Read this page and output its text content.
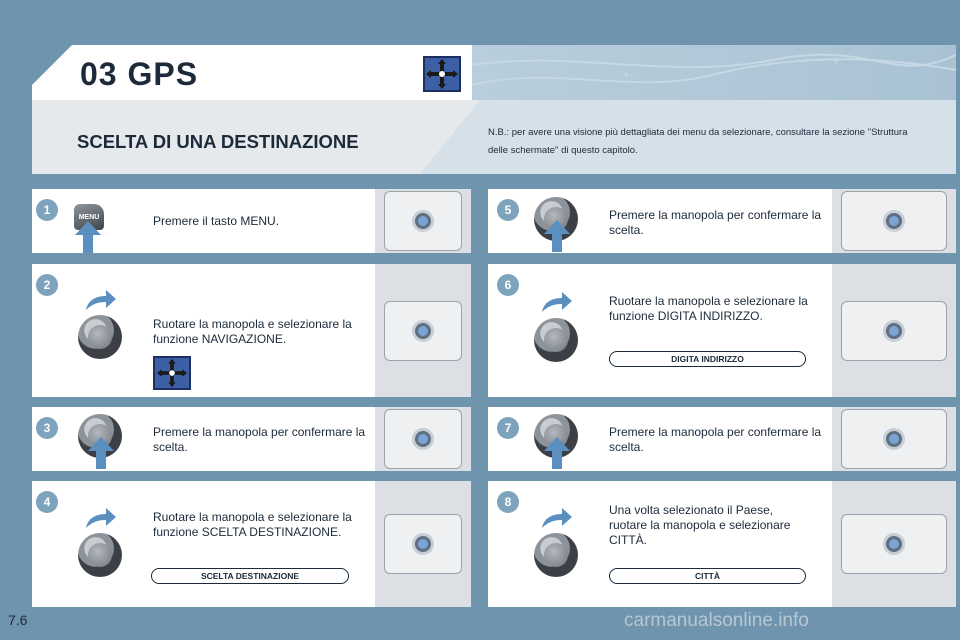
03 GPS	+
+
SCELTA DI UNA DESTINAZIONE	N.B.: per avere una visione più dettagliata dei menu da selezionare, consultare la sezione "Struttura delle schermate" di questo capitolo.
1	MENU	Premere il tasto MENU.
2
Ruotare la manopola e selezionare la funzione NAVIGAZIONE.
3	Premere la manopola per confermare la scelta.
4
Ruotare la manopola e selezionare la funzione SCELTA DESTINAZIONE.
SCELTA DESTINAZIONE
5	Premere la manopola per confermare la scelta.
6
Ruotare la manopola e selezionare la funzione DIGITA INDIRIZZO.
DIGITA INDIRIZZO
7	Premere la manopola per confermare la scelta.
8
Una volta selezionato il Paese, ruotare la manopola e selezionare CITTÀ.
CITTÀ
7.6	carmanualsonline.info
